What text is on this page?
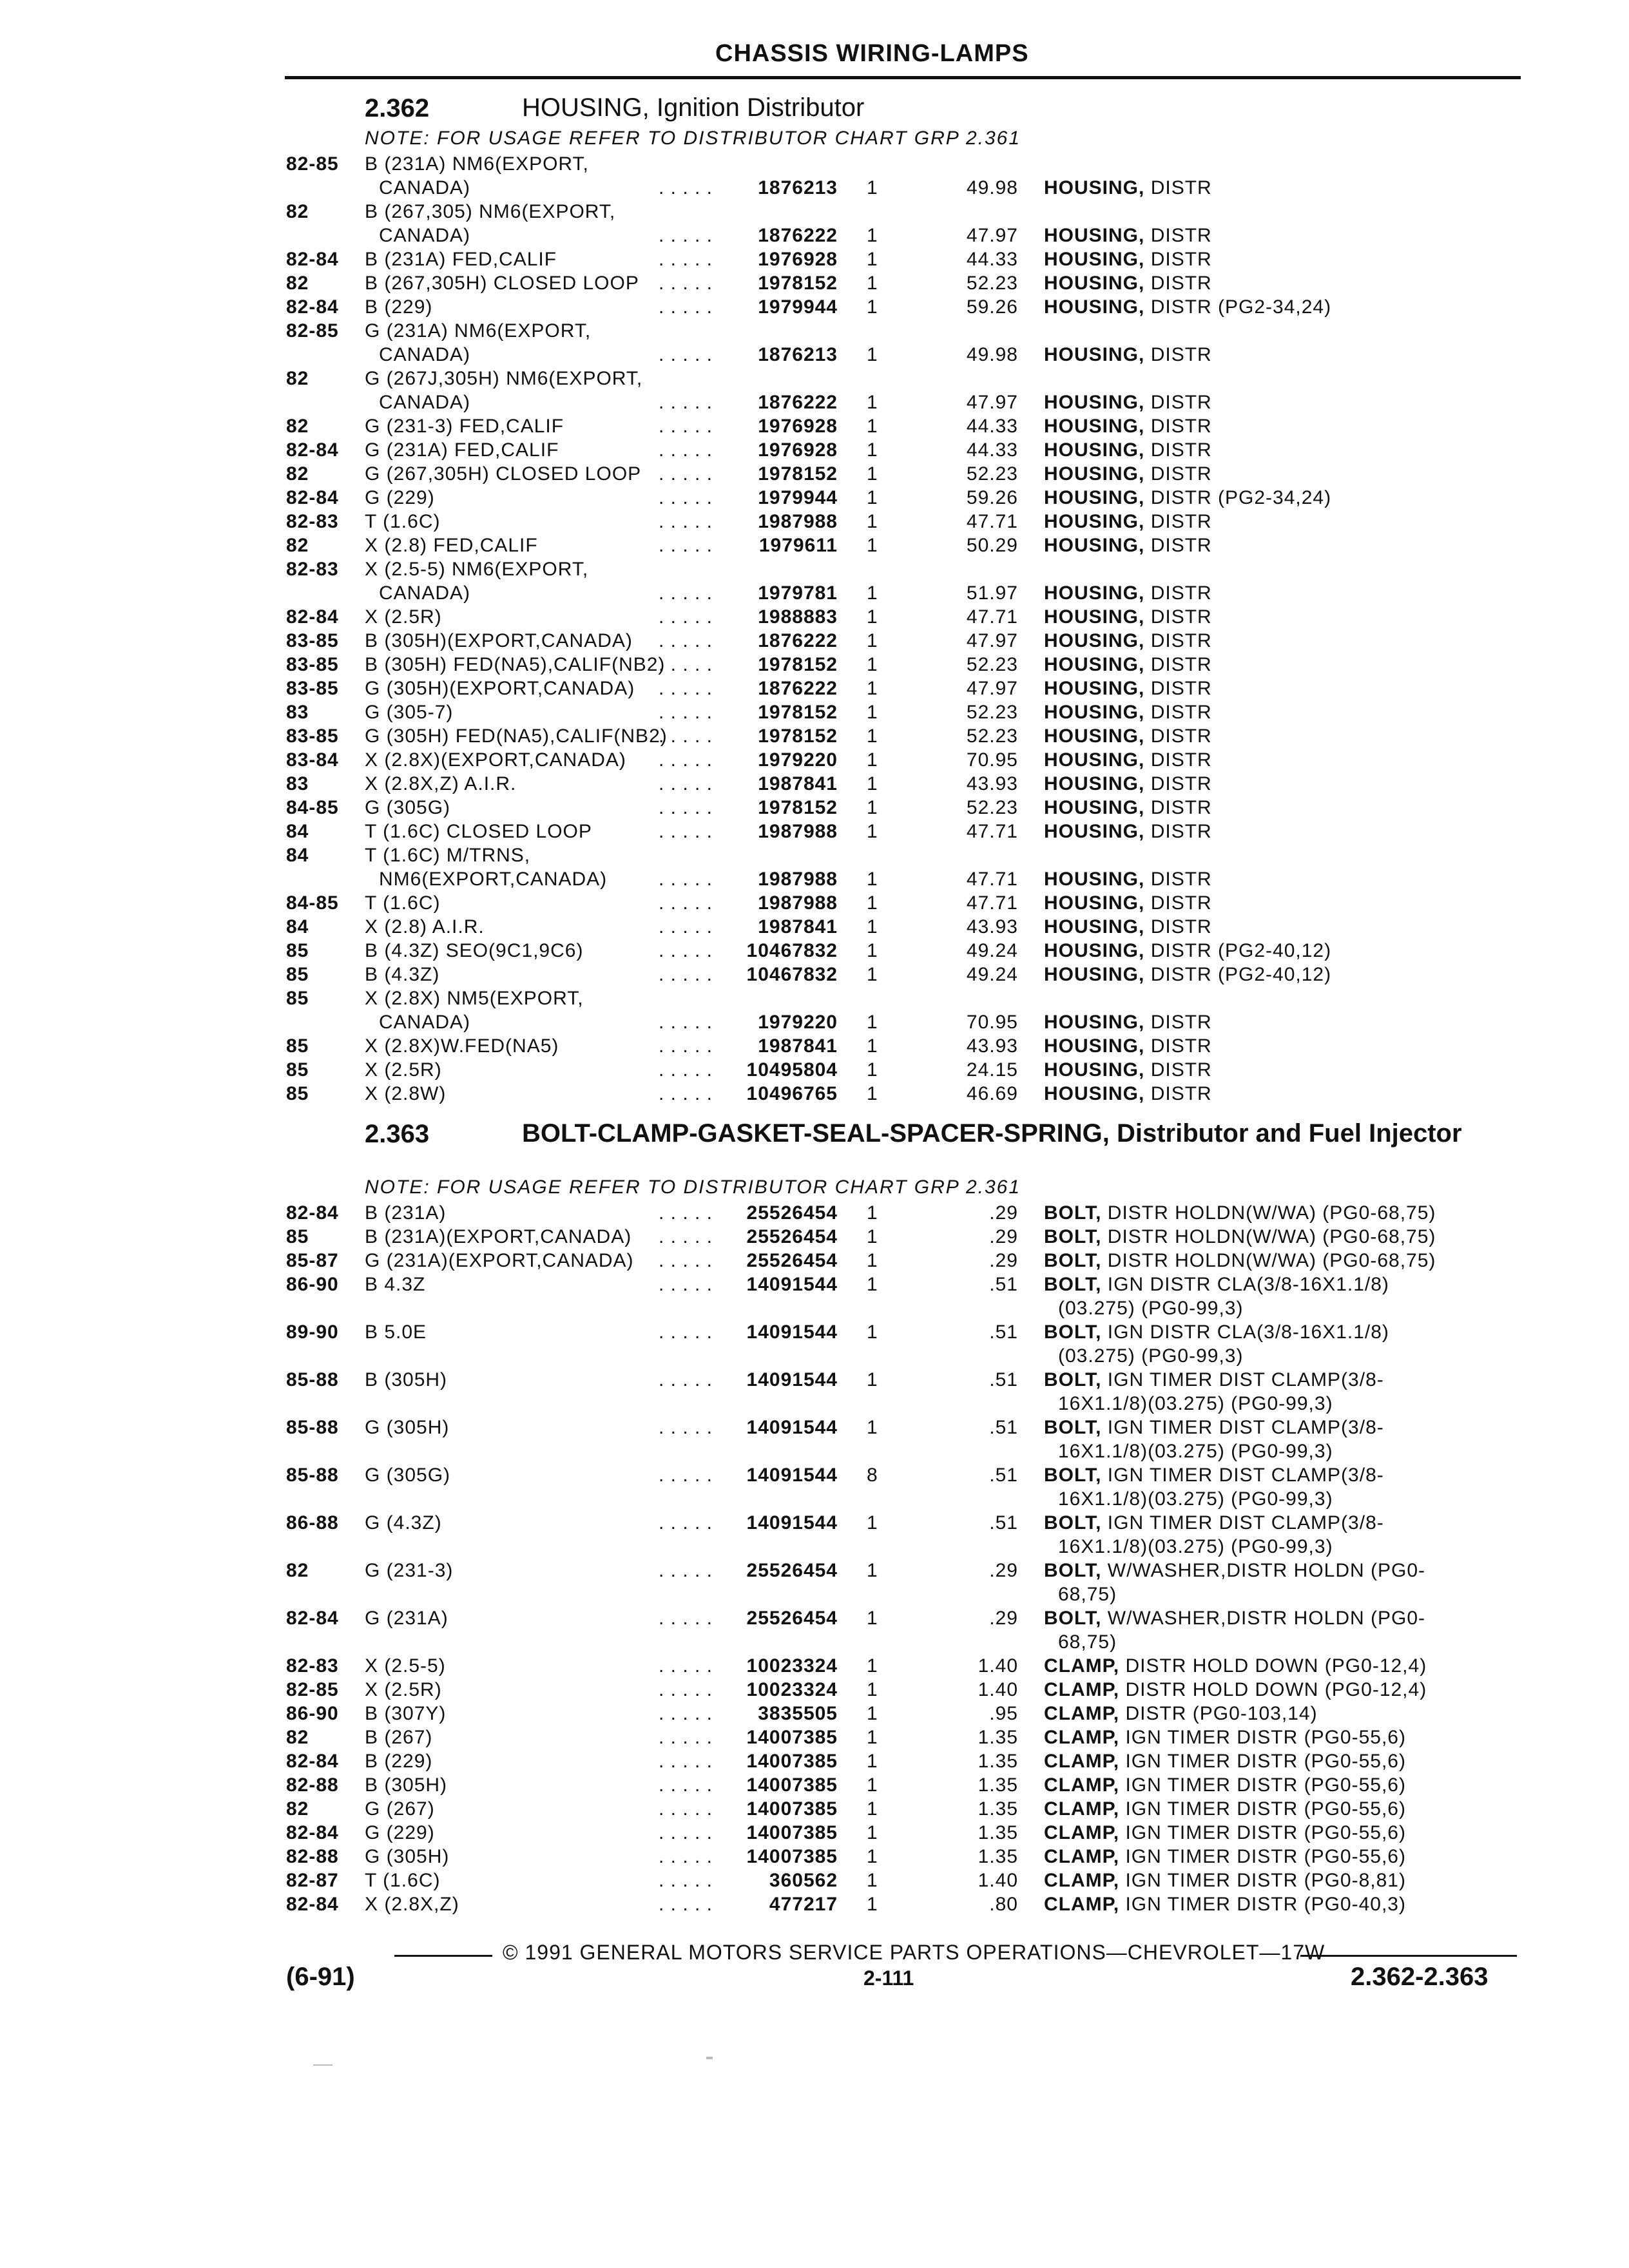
CHASSIS WIRING-LAMPS
2.362	HOUSING, Ignition Distributor
NOTE: FOR USAGE REFER TO DISTRIBUTOR CHART GRP 2.361
82-85 B (231A) NM6(EXPORT,
CANADA)	. . . . .	1876213 1	49.98 HOUSING, DISTR
82	B (267,305) NM6(EXPORT,
CANADA)	. . . . .	1876222 1	47.97 HOUSING, DISTR
82-84 B (231A) FED,CALIF	. . . . .	1976928 1	44.33 HOUSING, DISTR
82	B (267,305H) CLOSED LOOP . . . . .	1978152 1	52.23 HOUSING, DISTR
82-84 B (229)	. . . . .	1979944 1	59.26 HOUSING, DISTR (PG2-34,24)
82-85 G (231A) NM6(EXPORT,
CANADA)	. . . . .	1876213 1	49.98 HOUSING, DISTR
82	G (267J,305H) NM6(EXPORT,
CANADA)	. . . . .	1876222 1	47.97 HOUSING, DISTR
82	G (231-3) FED,CALIF	. . . . .	1976928 1	44.33 HOUSING, DISTR
82-84 G (231A) FED,CALIF	. . . . .	1976928 1	44.33 HOUSING, DISTR
82	G (267,305H) CLOSED LOOP . . . . .	1978152 1	52.23 HOUSING, DISTR
82-84 G (229)	. . . . .	1979944 1	59.26 HOUSING, DISTR (PG2-34,24)
82-83 T (1.6C)	. . . . .	1987988 1	47.71 HOUSING, DISTR
82	X (2.8) FED,CALIF	. . . . .	1979611 1	50.29 HOUSING, DISTR
82-83 X (2.5-5) NM6(EXPORT,
CANADA)	. . . . .	1979781 1	51.97 HOUSING, DISTR
82-84 X (2.5R)	. . . . .	1988883 1	47.71 HOUSING, DISTR
83-85 B (305H)(EXPORT,CANADA) . . . . .	1876222 1	47.97 HOUSING, DISTR
83-85 B (305H) FED(NA5),CALIF(NB2)
. . . . .	1978152 1	52.23 HOUSING, DISTR
83-85 G (305H)(EXPORT,CANADA) . . . . .	1876222 1	47.97 HOUSING, DISTR
83	G (305-7)	. . . . .	1978152 1	52.23 HOUSING, DISTR
83-85 G (305H) FED(NA5),CALIF(NB2)
. . . . .	1978152 1	52.23 HOUSING, DISTR
83-84 X (2.8X)(EXPORT,CANADA) . . . . .	1979220 1	70.95 HOUSING, DISTR
83	X (2.8X,Z) A.I.R.	. . . . .	1987841 1	43.93 HOUSING, DISTR
84-85 G (305G)	. . . . .	1978152 1	52.23 HOUSING, DISTR
84	T (1.6C) CLOSED LOOP	. . . . .	1987988 1	47.71 HOUSING, DISTR
84	T (1.6C) M/TRNS,
NM6(EXPORT,CANADA)	. . . . .	1987988 1	47.71 HOUSING, DISTR
84-85 T (1.6C)	. . . . .	1987988 1	47.71 HOUSING, DISTR
84	X (2.8) A.I.R.	. . . . .	1987841 1	43.93 HOUSING, DISTR
85	B (4.3Z) SEO(9C1,9C6)	. . . . .	10467832 1	49.24 HOUSING, DISTR (PG2-40,12)
85	B (4.3Z)	. . . . .	10467832 1	49.24 HOUSING, DISTR (PG2-40,12)
85	X (2.8X) NM5(EXPORT,
CANADA)	. . . . .	1979220 1	70.95 HOUSING, DISTR
85	X (2.8X)W.FED(NA5)	. . . . .	1987841 1	43.93 HOUSING, DISTR
85	X (2.5R)	. . . . .	10495804 1	24.15 HOUSING, DISTR
85	X (2.8W)	. . . . .	10496765 1	46.69 HOUSING, DISTR
2.363	BOLT-CLAMP-GASKET-SEAL-SPACER-SPRING, Distributor and Fuel Injector
NOTE: FOR USAGE REFER TO DISTRIBUTOR CHART GRP 2.361
82-84 B (231A)	. . . . .	25526454 1	.29 BOLT, DISTR HOLDN(W/WA) (PG0-68,75)
85	B (231A)(EXPORT,CANADA) . . . . .	25526454 1	.29 BOLT, DISTR HOLDN(W/WA) (PG0-68,75)
85-87 G (231A)(EXPORT,CANADA) . . . . .	25526454 1	.29 BOLT, DISTR HOLDN(W/WA) (PG0-68,75)
86-90 B 4.3Z	. . . . .	14091544 1	.51 BOLT, IGN DISTR CLA(3/8-16X1.1/8)
(03.275) (PG0-99,3)
89-90 B 5.0E	. . . . .	14091544 1	.51 BOLT, IGN DISTR CLA(3/8-16X1.1/8)
(03.275) (PG0-99,3)
85-88 B (305H)	. . . . .	14091544 1	.51 BOLT, IGN TIMER DIST CLAMP(3/8-
16X1.1/8)(03.275) (PG0-99,3)
85-88 G (305H)	. . . . .	14091544 1	.51 BOLT, IGN TIMER DIST CLAMP(3/8-
16X1.1/8)(03.275) (PG0-99,3)
85-88 G (305G)	. . . . .	14091544 8	.51 BOLT, IGN TIMER DIST CLAMP(3/8-
16X1.1/8)(03.275) (PG0-99,3)
86-88 G (4.3Z)	. . . . .	14091544 1	.51 BOLT, IGN TIMER DIST CLAMP(3/8-
16X1.1/8)(03.275) (PG0-99,3)
82	G (231-3)	. . . . .	25526454 1	.29 BOLT, W/WASHER,DISTR HOLDN (PG0-
68,75)
82-84 G (231A)	. . . . .	25526454 1	.29 BOLT, W/WASHER,DISTR HOLDN (PG0-
68,75)
82-83 X (2.5-5)	. . . . .	10023324 1	1.40 CLAMP, DISTR HOLD DOWN (PG0-12,4)
82-85 X (2.5R)	. . . . .	10023324 1	1.40 CLAMP, DISTR HOLD DOWN (PG0-12,4)
86-90 B (307Y)	. . . . .	3835505 1	.95 CLAMP, DISTR (PG0-103,14)
82	B (267)	. . . . .	14007385 1	1.35 CLAMP, IGN TIMER DISTR (PG0-55,6)
82-84 B (229)	. . . . .	14007385 1	1.35 CLAMP, IGN TIMER DISTR (PG0-55,6)
82-88 B (305H)	. . . . .	14007385 1	1.35 CLAMP, IGN TIMER DISTR (PG0-55,6)
82	G (267)	. . . . .	14007385 1	1.35 CLAMP, IGN TIMER DISTR (PG0-55,6)
82-84 G (229)	. . . . .	14007385 1	1.35 CLAMP, IGN TIMER DISTR (PG0-55,6)
82-88 G (305H)	. . . . .	14007385 1	1.35 CLAMP, IGN TIMER DISTR (PG0-55,6)
82-87 T (1.6C)	. . . . .	360562 1	1.40 CLAMP, IGN TIMER DISTR (PG0-8,81)
82-84 X (2.8X,Z)	. . . . .	477217 1	.80 CLAMP, IGN TIMER DISTR (PG0-40,3)
© 1991 GENERAL MOTORS SERVICE PARTS OPERATIONS—CHEVROLET—17W
(6-91)	2-111	2.362-2.363
